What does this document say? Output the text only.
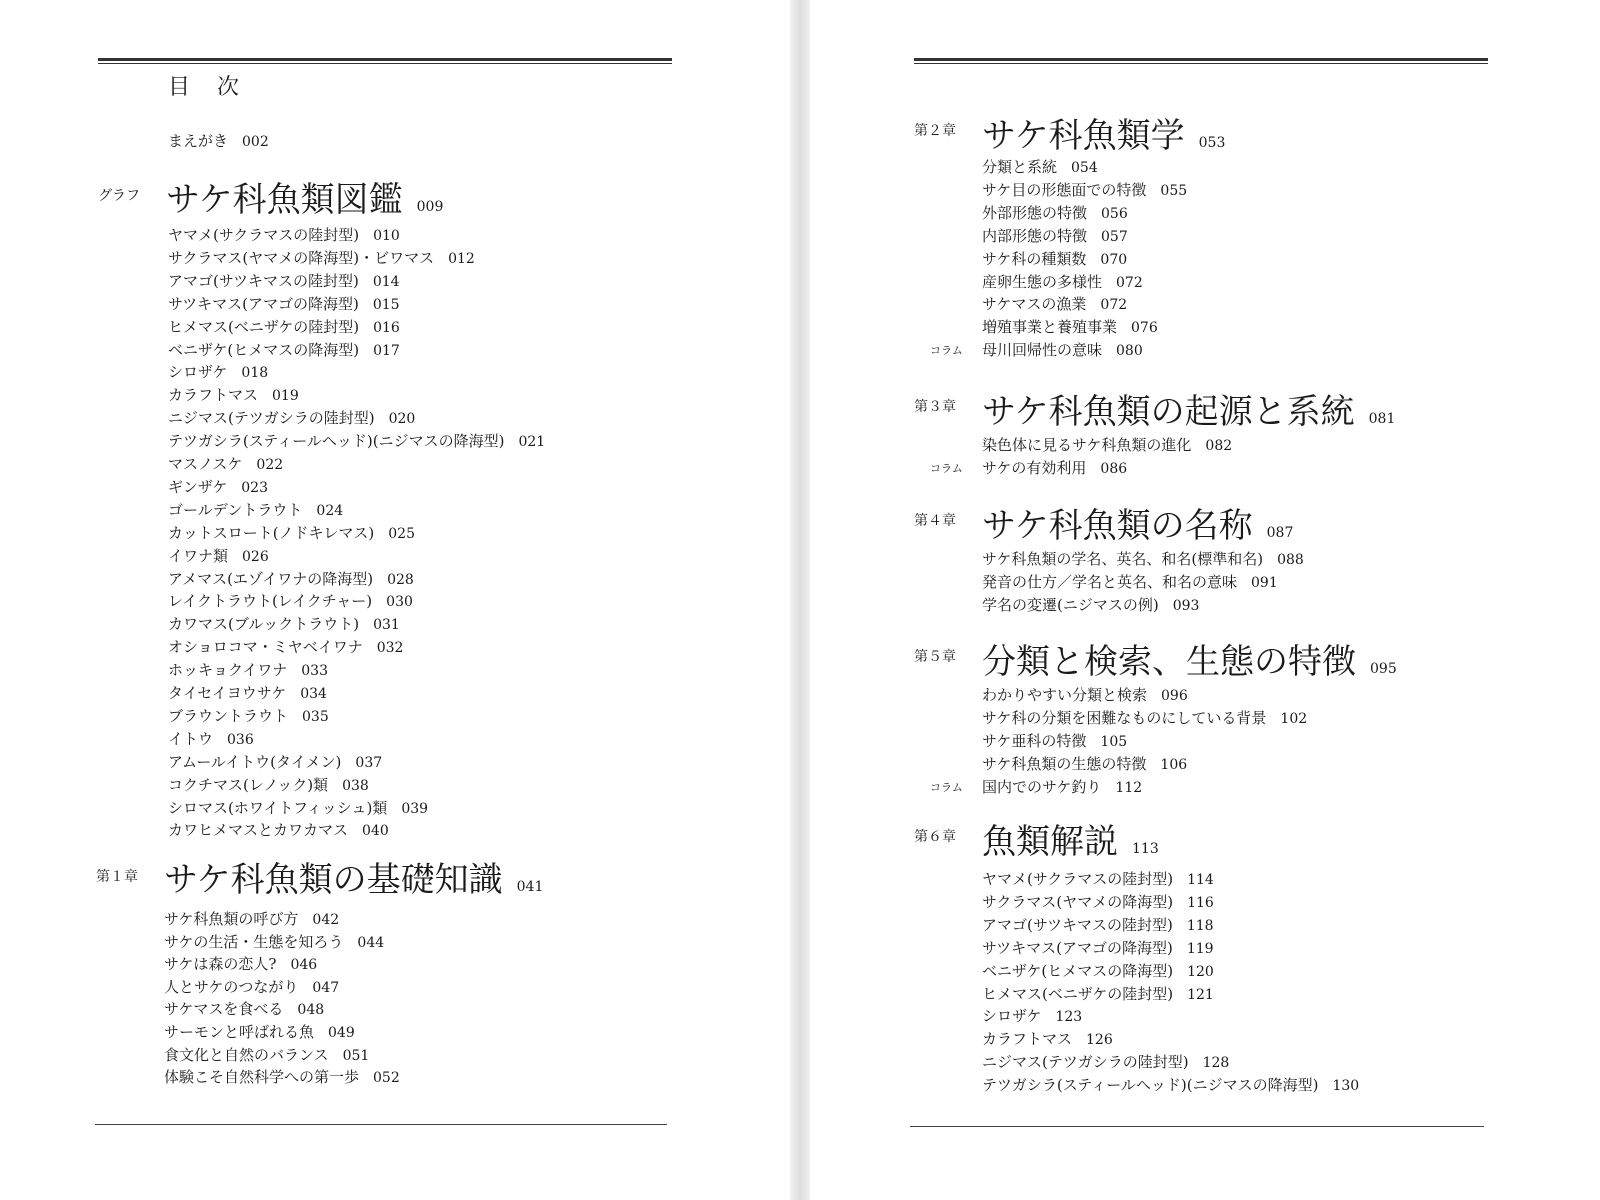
目 次
まえがき 002
グラフ サケ科魚類図鑑 009
ヤマメ(サクラマスの陸封型) 010
サクラマス(ヤマメの降海型)・ビワマス 012
アマゴ(サツキマスの陸封型) 014
サツキマス(アマゴの降海型) 015
ヒメマス(ベニザケの陸封型) 016
ベニザケ(ヒメマスの降海型) 017
シロザケ 018
カラフトマス 019
ニジマス(テツガシラの陸封型) 020
テツガシラ(スティールヘッド)(ニジマスの降海型) 021
マスノスケ 022
ギンザケ 023
ゴールデントラウト 024
カットスロート(ノドキレマス) 025
イワナ類 026
アメマス(エゾイワナの降海型) 028
レイクトラウト(レイクチャー) 030
カワマス(ブルックトラウト) 031
オショロコマ・ミヤベイワナ 032
ホッキョクイワナ 033
タイセイヨウサケ 034
ブラウントラウト 035
イトウ 036
アムールイトウ(タイメン) 037
コクチマス(レノック)類 038
シロマス(ホワイトフィッシュ)類 039
カワヒメマスとカワカマス 040
第１章 サケ科魚類の基礎知識 041
サケ科魚類の呼び方 042
サケの生活・生態を知ろう 044
サケは森の恋人? 046
人とサケのつながり 047
サケマスを食べる 048
サーモンと呼ばれる魚 049
食文化と自然のバランス 051
体験こそ自然科学への第一歩 052
第２章 サケ科魚類学 053
分類と系統 054
サケ目の形態面での特徴 055
外部形態の特徴 056
内部形態の特徴 057
サケ科の種類数 070
産卵生態の多様性 072
サケマスの漁業 072
増殖事業と養殖事業 076
コラム 母川回帰性の意味 080
第３章 サケ科魚類の起源と系統 081
染色体に見るサケ科魚類の進化 082
コラム サケの有効利用 086
第４章 サケ科魚類の名称 087
サケ科魚類の学名、英名、和名(標準和名) 088
発音の仕方／学名と英名、和名の意味 091
学名の変遷(ニジマスの例) 093
第５章 分類と検索、生態の特徴 095
わかりやすい分類と検索 096
サケ科の分類を困難なものにしている背景 102
サケ亜科の特徴 105
サケ科魚類の生態の特徴 106
コラム 国内でのサケ釣り 112
第６章 魚類解説 113
ヤマメ(サクラマスの陸封型) 114
サクラマス(ヤマメの降海型) 116
アマゴ(サツキマスの陸封型) 118
サツキマス(アマゴの降海型) 119
ベニザケ(ヒメマスの降海型) 120
ヒメマス(ベニザケの陸封型) 121
シロザケ 123
カラフトマス 126
ニジマス(テツガシラの陸封型) 128
テツガシラ(スティールヘッド)(ニジマスの降海型) 130
